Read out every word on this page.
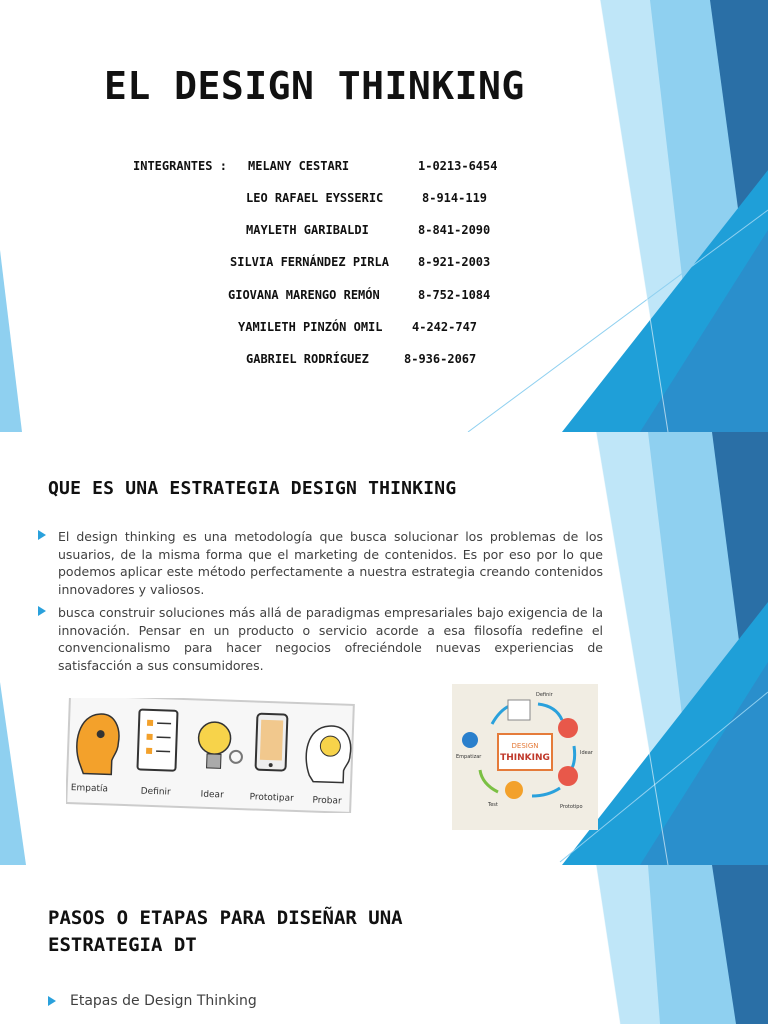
EL DESIGN THINKING
INTEGRANTES : MELANY CESTARI	1-0213-6454
LEO RAFAEL EYSSERIC	8-914-119
MAYLETH GARIBALDI	8-841-2090
SILVIA FERNÁNDEZ PIRLA 8-921-2003
GIOVANA MARENGO REMÓN	8-752-1084
YAMILETH PINZÓN OMIL 4-242-747
GABRIEL RODRÍGUEZ	8-936-2067
QUE ES UNA ESTRATEGIA DESIGN THINKING
El design thinking es una metodología que busca solucionar los problemas de los usuarios, de la misma forma que el marketing de contenidos. Es por eso por lo que podemos aplicar este método perfectamente a nuestra estrategia creando contenidos innovadores y valiosos.
busca construir soluciones más allá de paradigmas empresariales bajo exigencia de la innovación. Pensar en un producto o servicio acorde a esa filosofía redefine el convencionalismo para hacer negocios ofreciéndole nuevas experiencias de satisfacción a sus consumidores.
Empatía	Definir	Idear	Prototipar Probar
DESIGN
THINKING
Definir
Idear
Prototipo
Test
Empatizar
PASOS O ETAPAS PARA DISEÑAR UNA ESTRATEGIA DT
Etapas de Design Thinking
